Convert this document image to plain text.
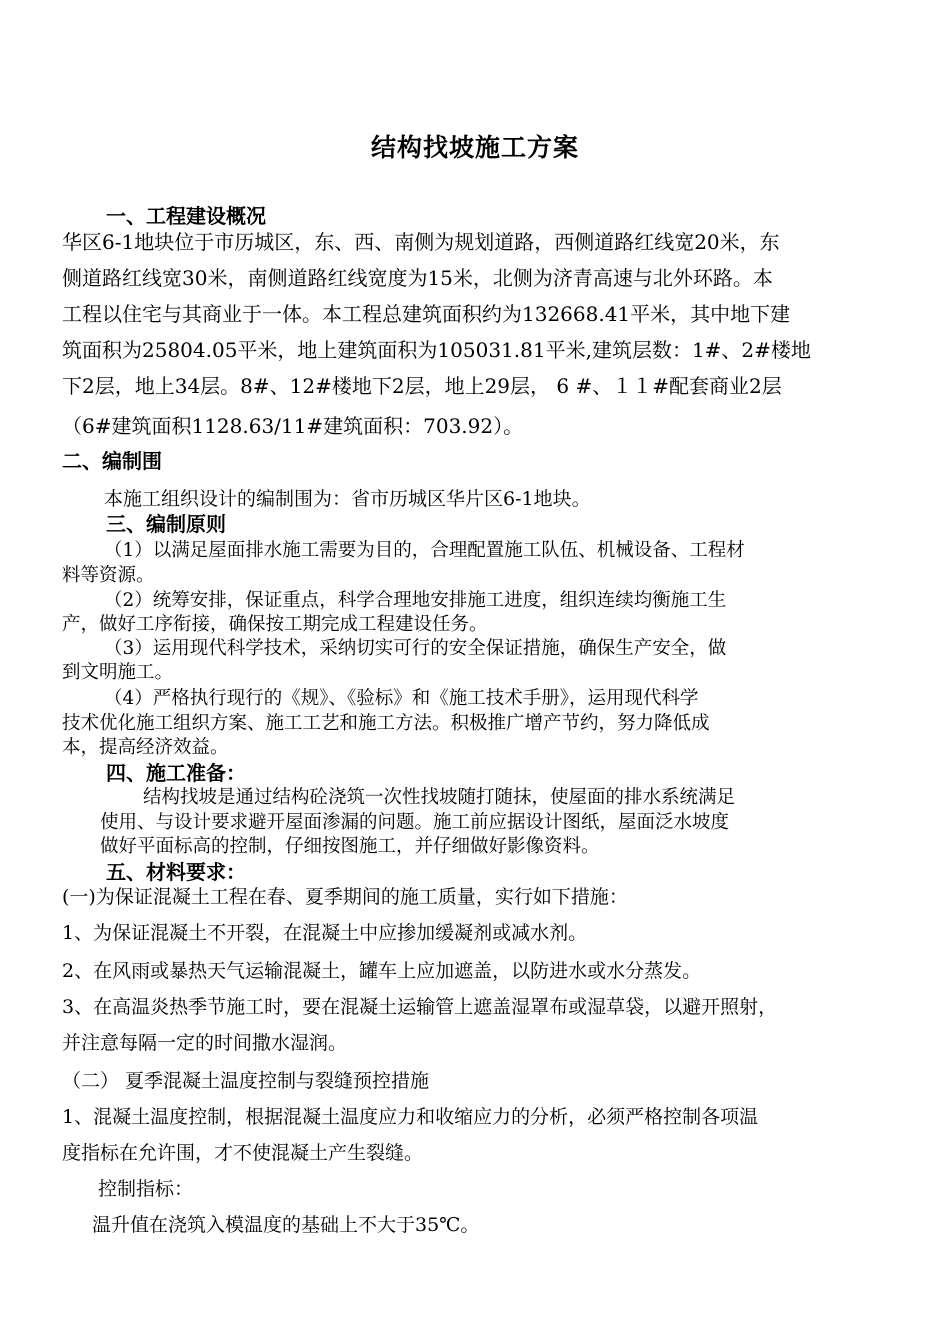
结构找坡施工方案
一、工程建设概况
华区6-1地块位于市历城区，东、西、南侧为规划道路，西侧道路红线宽20米，东
侧道路红线宽30米，南侧道路红线宽度为15米，北侧为济青高速与北外环路。本
工程以住宅与其商业于一体。本工程总建筑面积约为132668.41平米，其中地下建
筑面积为25804.05平米，地上建筑面积为105031.81平米,建筑层数：1#、2#楼地
下2层，地上34层。8#、12#楼地下2层，地上29层， 6 #、１１#配套商业2层
（6#建筑面积1128.63/11#建筑面积：703.92）。
二、编制围
本施工组织设计的编制围为：省市历城区华片区6-1地块。
三、编制原则
（1）以满足屋面排水施工需要为目的，合理配置施工队伍、机械设备、工程材
料等资源。
（2）统筹安排，保证重点，科学合理地安排施工进度，组织连续均衡施工生
产，做好工序衔接，确保按工期完成工程建设任务。
（3）运用现代科学技术，采纳切实可行的安全保证措施，确保生产安全，做
到文明施工。
（4）严格执行现行的《规》、《验标》和《施工技术手册》，运用现代科学
技术优化施工组织方案、施工工艺和施工方法。积极推广增产节约，努力降低成
本，提高经济效益。
四、施工准备：
结构找坡是通过结构砼浇筑一次性找坡随打随抹，使屋面的排水系统满足
使用、与设计要求避开屋面渗漏的问题。施工前应据设计图纸，屋面泛水坡度
做好平面标高的控制，仔细按图施工，并仔细做好影像资料。
五、材料要求：
(一)为保证混凝土工程在春、夏季期间的施工质量，实行如下措施：
1、为保证混凝土不开裂，在混凝土中应掺加缓凝剂或减水剂。
2、在风雨或暴热天气运输混凝土，罐车上应加遮盖，以防进水或水分蒸发。
3、在高温炎热季节施工时，要在混凝土运输管上遮盖湿罩布或湿草袋，以避开照射，
并注意每隔一定的时间撒水湿润。
（二） 夏季混凝土温度控制与裂缝预控措施
1、混凝土温度控制，根据混凝土温度应力和收缩应力的分析，必须严格控制各项温
度指标在允许围，才不使混凝土产生裂缝。
控制指标：
温升值在浇筑入模温度的基础上不大于35℃。
